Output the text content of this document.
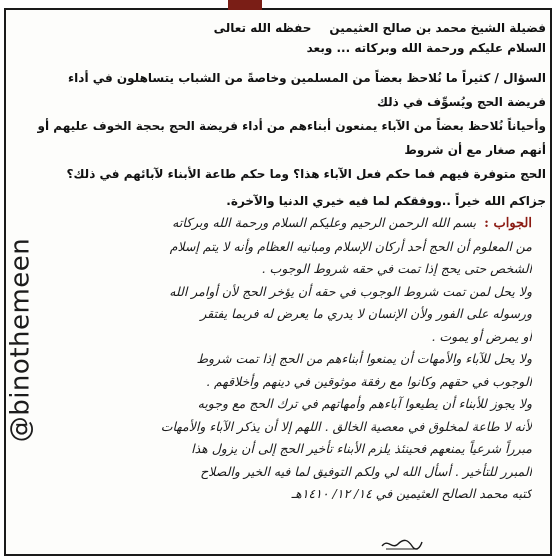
فضيلة الشيخ محمد بن صالح العثيمينحفظه الله تعالى

السلام عليكم ورحمة الله وبركاته ... وبعد

السؤال / كثيراً ما نُلاحظ بعضاً من المسلمين وخاصةً من الشباب يتساهلون في أداء فريضة الحج ويُسوِّف في ذلك

وأحياناً نُلاحظ بعضاً من الآباء يمنعون أبناءهم من أداء فريضة الحج بحجة الخوف عليهم أو أنهم صغار مع أن شروط

الحج متوفرة فيهم فما حكم فعل الآباء هذا؟ وما حكم طاعة الأبناء لآبائهم في ذلك؟

جزاكم الله خيراً ..ووفقكم لما فيه خيري الدنيا والآخرة.

@binothemeen

الجواب :بسم الله الرحمن الرحيم وعليكم السلام ورحمة الله وبركاته

من المعلوم أن الحج أحد أركان الإسلام ومبانيه العظام وأنه لا يتم إسلام

الشخص حتى يحج إذا تمت في حقه شروط الوجوب .

ولا يحل لمن تمت شروط الوجوب في حقه أن يؤخر الحج لأن أوامر الله

ورسوله على الفور ولأن الإنسان لا يدري ما يعرض له فربما يفتقر

أو يمرض أو يموت .

ولا يحل للآباء والأمهات أن يمنعوا أبناءهم من الحج إذا تمت شروط

الوجوب في حقهم وكانوا مع رفقة موثوقين في دينهم وأخلاقهم .

ولا يجوز للأبناء أن يطيعوا آباءهم وأمهاتهم في ترك الحج مع وجوبه

لأنه لا طاعة لمخلوق في معصية الخالق . اللهم إلا أن يذكر الآباء والأمهات

مبرراً شرعياً يمنعهم فحينئذ يلزم الأبناء تأخير الحج إلى أن يزول هذا

المبرر للتأخير . أسأل الله لي ولكم التوفيق لما فيه الخير والصلاح

كتبه محمد الصالح العثيمين في ١٤/ ١٢/ ١٤١٠هـ
